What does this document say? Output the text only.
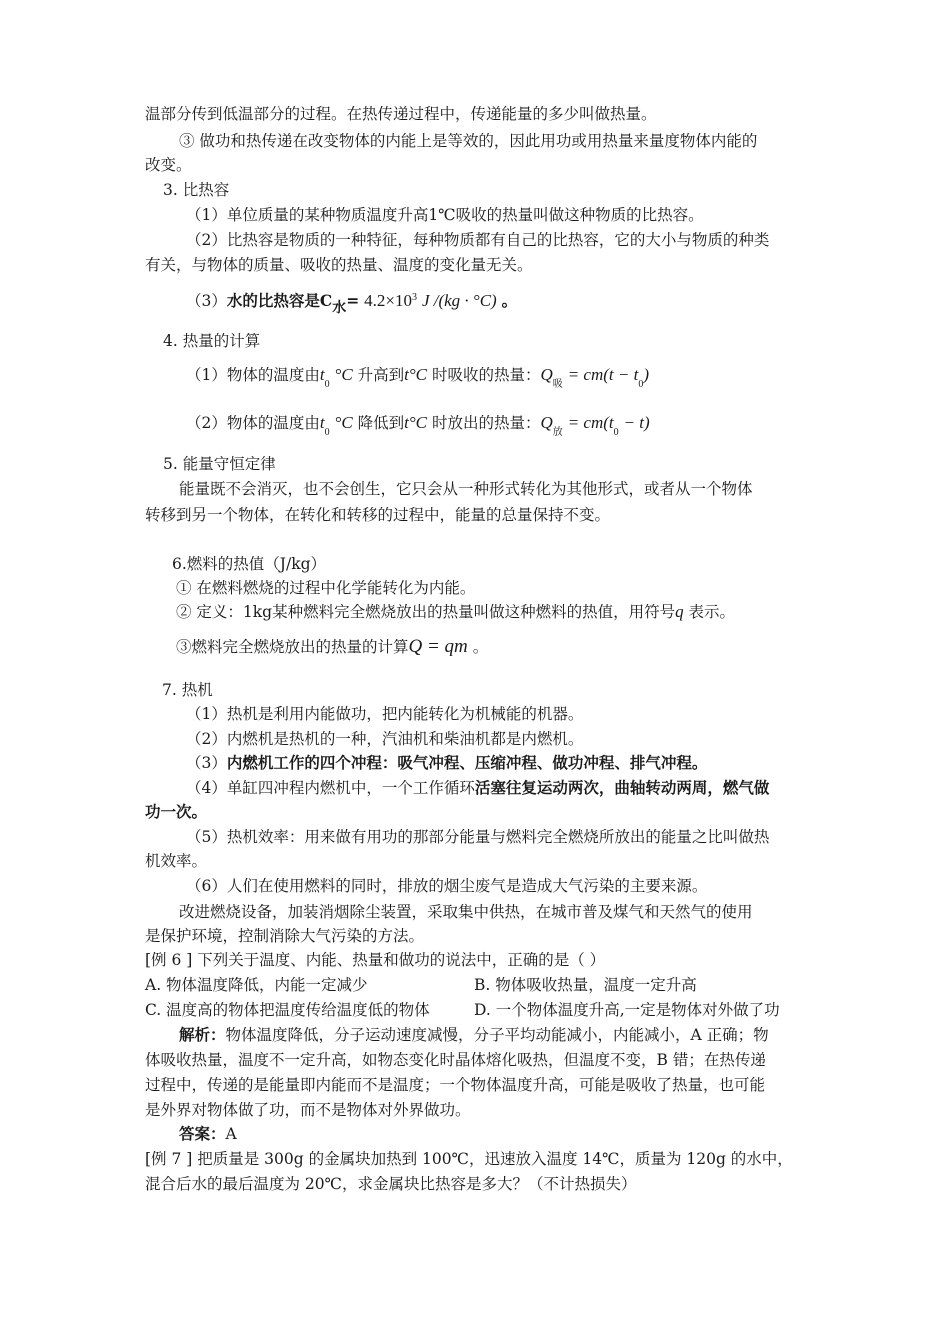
温部分传到低温部分的过程。在热传递过程中，传递能量的多少叫做热量。
③ 做功和热传递在改变物体的内能上是等效的，因此用功或用热量来量度物体内能的
改变。
3. 比热容
（1）单位质量的某种物质温度升高1℃吸收的热量叫做这种物质的比热容。
（2）比热容是物质的一种特征，每种物质都有自己的比热容，它的大小与物质的种类
有关，与物体的质量、吸收的热量、温度的变化量无关。
（3）水的比热容是C水= $4.2\times 10^3$ J /(kg · °C) 。
4. 热量的计算
（1）物体的温度由$t_0$ °C 升高到t°C 时吸收的热量：$Q_吸 = cm(t - t_0)$
（2）物体的温度由$t_0$ °C 降低到t°C 时放出的热量：$Q_放 = cm(t_0 - t)$
5. 能量守恒定律
能量既不会消灭，也不会创生，它只会从一种形式转化为其他形式，或者从一个物体
转移到另一个物体，在转化和转移的过程中，能量的总量保持不变。
6.燃料的热值（J/kg）
① 在燃料燃烧的过程中化学能转化为内能。
② 定义：1kg某种燃料完全燃烧放出的热量叫做这种燃料的热值，用符号q 表示。
③燃料完全燃烧放出的热量的计算Q = qm 。
7. 热机
（1）热机是利用内能做功，把内能转化为机械能的机器。
（2）内燃机是热机的一种，汽油机和柴油机都是内燃机。
（3）内燃机工作的四个冲程：吸气冲程、压缩冲程、做功冲程、排气冲程。
（4）单缸四冲程内燃机中，一个工作循环活塞往复运动两次，曲轴转动两周，燃气做
功一次。
（5）热机效率：用来做有用功的那部分能量与燃料完全燃烧所放出的能量之比叫做热
机效率。
（6）人们在使用燃料的同时，排放的烟尘废气是造成大气污染的主要来源。
改进燃烧设备，加装消烟除尘装置，采取集中供热，在城市普及煤气和天然气的使用
是保护环境，控制消除大气污染的方法。
[例 6 ] 下列关于温度、内能、热量和做功的说法中，正确的是（ ）
A. 物体温度降低，内能一定减少	B. 物体吸收热量，温度一定升高
C. 温度高的物体把温度传给温度低的物体	D. 一个物体温度升高,一定是物体对外做了功
解析：物体温度降低，分子运动速度减慢，分子平均动能减小，内能减小，A 正确；物
体吸收热量，温度不一定升高，如物态变化时晶体熔化吸热，但温度不变，B 错；在热传递
过程中，传递的是能量即内能而不是温度；一个物体温度升高，可能是吸收了热量，也可能
是外界对物体做了功，而不是物体对外界做功。
答案：A
[例 7 ] 把质量是 300g 的金属块加热到 100℃，迅速放入温度 14℃，质量为 120g 的水中，
混合后水的最后温度为 20℃，求金属块比热容是多大？（不计热损失）
